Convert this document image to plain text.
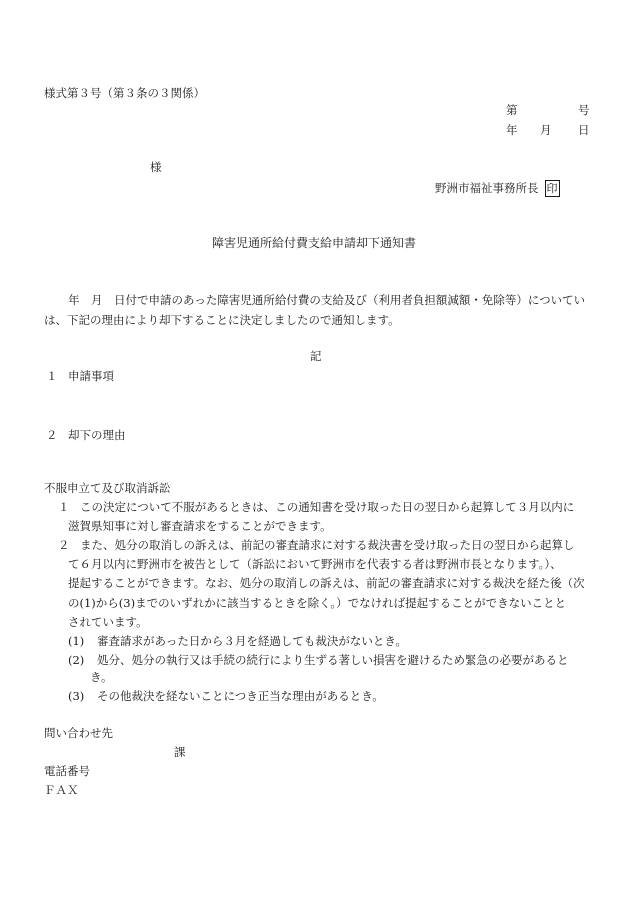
様式第３号（第３条の３関係）
第	号
年 月 日
様
野洲市福祉事務所長 印
障害児通所給付費支給申請却下通知書
年　月　日付で申請のあった障害児通所給付費の支給及び（利用者負担額減額・免除等）についてい
は、下記の理由により却下することに決定しましたので通知します。
記
１ 申請事項
２ 却下の理由
不服申立て及び取消訴訟
１ この決定について不服があるときは、この通知書を受け取った日の翌日から起算して３月以内に
滋賀県知事に対し審査請求をすることができます。
２ また、処分の取消しの訴えは、前記の審査請求に対する裁決書を受け取った日の翌日から起算し
て６月以内に野洲市を被告として（訴訟において野洲市を代表する者は野洲市長となります。）、
提起することができます。なお、処分の取消しの訴えは、前記の審査請求に対する裁決を経た後（次
の(1)から(3)までのいずれかに該当するときを除く。）でなければ提起することができないことと
されています。
(1) 審査請求があった日から３月を経過しても裁決がないとき。
(2) 処分、処分の執行又は手続の続行により生ずる著しい損害を避けるため緊急の必要があると
き。
(3) その他裁決を経ないことにつき正当な理由があるとき。
問い合わせ先
課
電話番号
ＦＡＸ
